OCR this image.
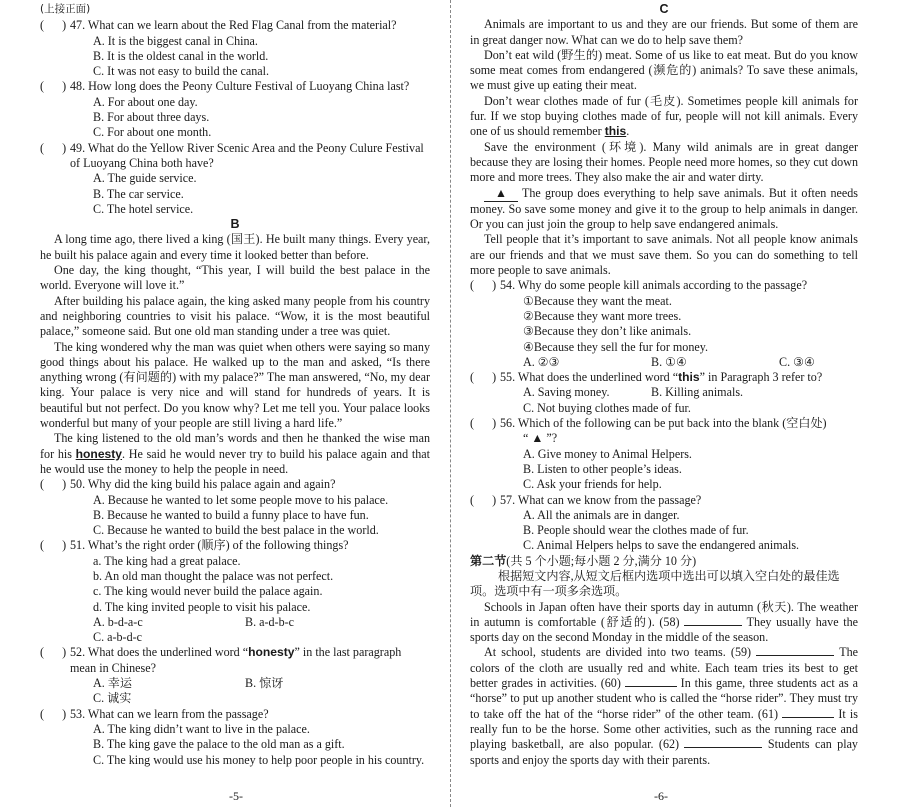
(上接正面)
(      ) 47. What can we learn about the Red Flag Canal from the material?
A. It is the biggest canal in China.
B. It is the oldest canal in the world.
C. It was not easy to build the canal.
(      ) 48. How long does the Peony Culture Festival of Luoyang China last?
A. For about one day.
B. For about three days.
C. For about one month.
(      ) 49. What do the Yellow River Scenic Area and the Peony Culure Festival of Luoyang China both have?
A. The guide service.
B. The car service.
C. The hotel service.
B
A long time ago, there lived a king (国王). He built many things. Every year, he built his palace again and every time it looked better than before.
One day, the king thought, “This year, I will build the best palace in the world. Everyone will love it.”
After building his palace again, the king asked many people from his country and neighboring countries to visit his palace. “Wow, it is the most beautiful palace,” someone said. But one old man standing under a tree was quiet.
The king wondered why the man was quiet when others were saying so many good things about his palace. He walked up to the man and asked, “Is there anything wrong (有问题的) with my palace?” The man answered, “No, my dear king. Your palace is very nice and will stand for hundreds of years. It is beautiful but not perfect. Do you know why? Let me tell you. Your palace looks wonderful but many of your people are still living a hard life.”
The king listened to the old man’s words and then he thanked the wise man for his honesty. He said he would never try to build his palace again and that he would use the money to help the people in need.
(      ) 50. Why did the king build his palace again and again?
A. Because he wanted to let some people move to his palace.
B. Because he wanted to build a funny place to have fun.
C. Because he wanted to build the best palace in the world.
(      ) 51. What’s the right order (顺序) of the following things?
a. The king had a great palace.
b. An old man thought the palace was not perfect.
c. The king would never build the palace again.
d. The king invited people to visit his palace.
A. b-d-a-c	B. a-d-b-c
C. a-b-d-c
(      ) 52. What does the underlined word “honesty” in the last paragraph mean in Chinese?
A. 幸运	B. 惊讶
C. 诚实
(      ) 53. What can we learn from the passage?
A. The king didn’t want to live in the palace.
B. The king gave the palace to the old man as a gift.
C. The king would use his money to help poor people in his country.
-5-
C
Animals are important to us and they are our friends. But some of them are in great danger now. What can we do to help save them?
Don’t eat wild (野生的) meat. Some of us like to eat meat. But do you know some meat comes from endangered (濒危的) animals? To save these animals, we must give up eating their meat.
Don’t wear clothes made of fur (毛皮). Sometimes people kill animals for fur. If we stop buying clothes made of fur, people will not kill animals. Every one of us should remember this.
Save the environment (环境). Many wild animals are in great danger because they are losing their homes. People need more homes, so they cut down more and more trees. They also make the air and water dirty.
▲ The group does everything to help save animals. But it often needs money. So save some money and give it to the group to help animals in danger. Or you can just join the group to help save endangered animals.
Tell people that it’s important to save animals. Not all people know animals are our friends and that we must save them. So you can do something to tell more people to save animals.
(      ) 54. Why do some people kill animals according to the passage?
①Because they want the meat.
②Because they want more trees.
③Because they don’t like animals.
④Because they sell the fur for money.
A. ②③	B. ①④	C. ③④
(      ) 55. What does the underlined word “this” in Paragraph 3 refer to?
A. Saving money.	B. Killing animals.
C. Not buying clothes made of fur.
(      ) 56. Which of the following can be put back into the blank (空白处)
“ ▲ ”?
A. Give money to Animal Helpers.
B. Listen to other people’s ideas.
C. Ask your friends for help.
(      ) 57. What can we know from the passage?
A. All the animals are in danger.
B. People should wear the clothes made of fur.
C. Animal Helpers helps to save the endangered animals.
第二节(共 5 个小题;每小题 2 分,满分 10 分)
根据短文内容,从短文后框内选项中选出可以填入空白处的最佳选项。选项中有一项多余选项。
Schools in Japan often have their sports day in autumn (秋天). The weather in autumn is comfortable (舒适的). (58)	They usually have the sports day on the second Monday in the middle of the season.
At school, students are divided into two teams. (59)	The colors of the cloth are usually red and white. Each team tries its best to get better grades in activities. (60)	In this game, three students act as a “horse” to put up another student who is called the “horse rider”. They must try to take off the hat of the “horse rider” of the other team. (61)	It is really fun to be the horse. Some other activities, such as the running race and playing basketball, are also popular. (62)	Students can play sports and enjoy the sports day with their parents.
-6-
